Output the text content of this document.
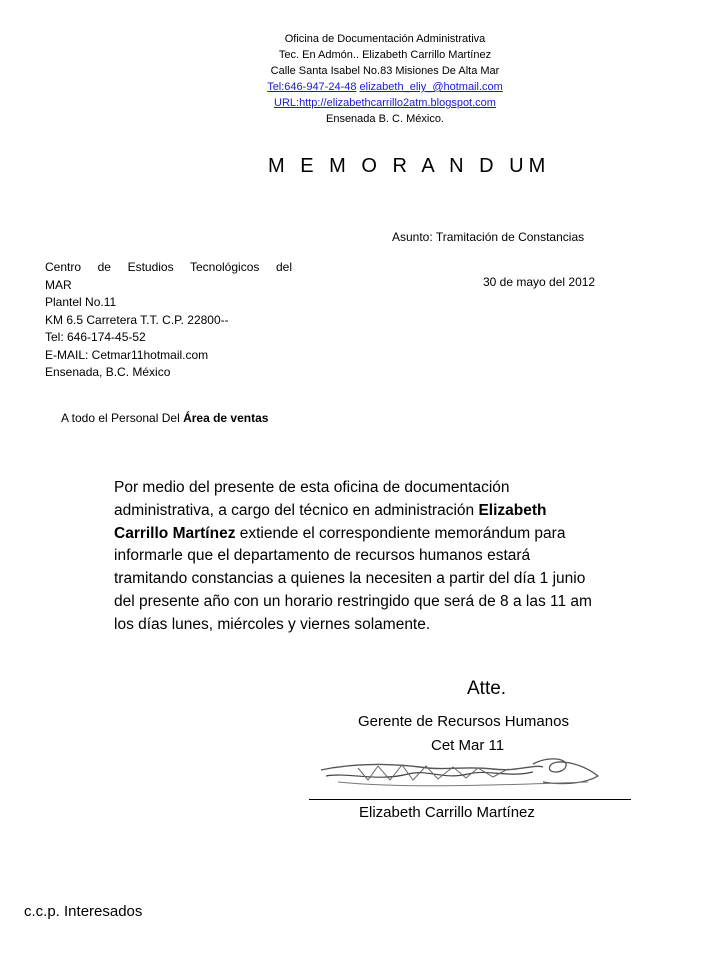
Oficina de Documentación Administrativa
Tec. En Admón.. Elizabeth Carrillo Martínez
Calle Santa Isabel No.83 Misiones De Alta Mar
Tel:646-947-24-48 elizabeth_eliy_@hotmail.com
URL:http://elizabethcarrillo2atm.blogspot.com
Ensenada B. C. México.
M E M O R A N D UM
Asunto: Tramitación de Constancias
30 de mayo del 2012
Centro de Estudios Tecnológicos del
MAR
Plantel No.11
KM 6.5 Carretera T.T. C.P. 22800--
Tel: 646-174-45-52
E-MAIL: Cetmar11hotmail.com
Ensenada, B.C. México
A todo el Personal Del Área de ventas
Por medio del presente de esta oficina de documentación administrativa, a cargo del técnico en administración Elizabeth Carrillo Martínez extiende el correspondiente memorándum para informarle que el departamento de recursos humanos estará tramitando constancias a quienes la necesiten a partir del día 1 junio del presente año con un horario restringido que será de 8 a las 11 am los días lunes, miércoles y viernes solamente.
Atte.
Gerente de Recursos Humanos
Cet Mar 11
Elizabeth Carrillo Martínez
c.c.p. Interesados
